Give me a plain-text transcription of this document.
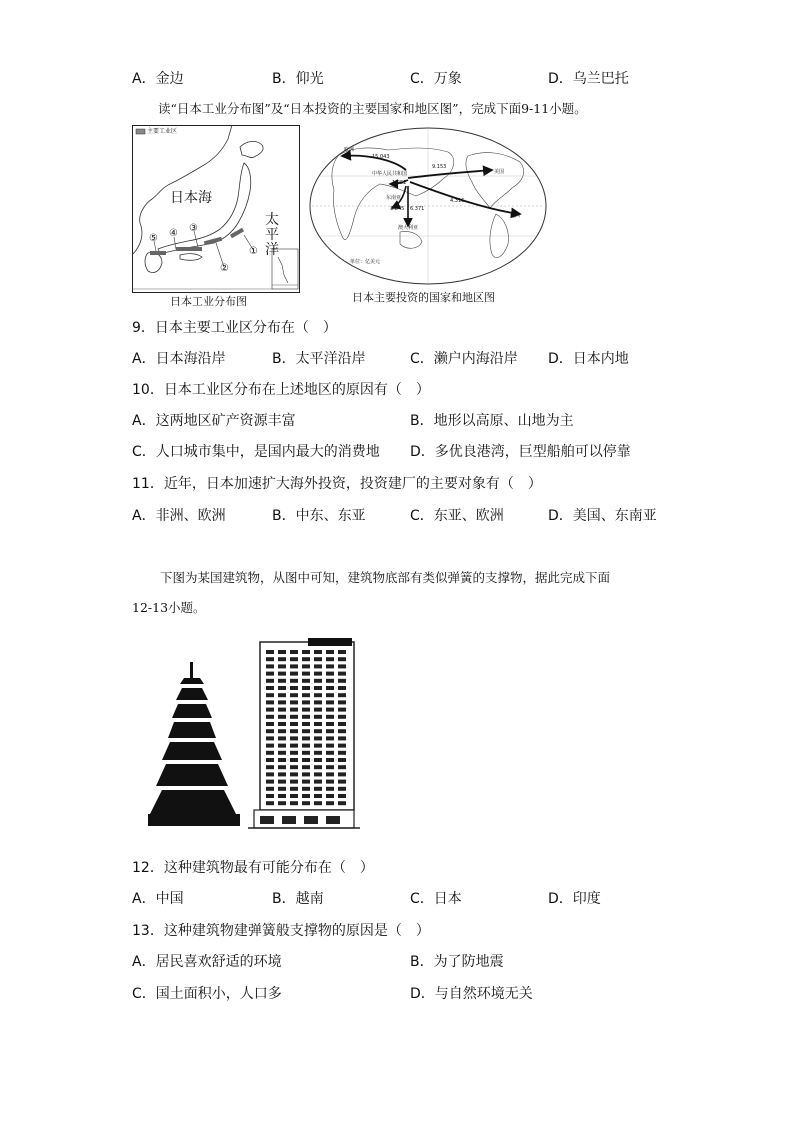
A．金边	B．仰光	C．万象	D．乌兰巴托
读“日本工业分布图”及“日本投资的主要国家和地区图”，完成下面9-11小题。
主要工业区
日本海
太平洋
①
②
③
④
⑤
日本工业分布图
欧洲
15.043
中华人民共和国
9.153
美国
1.252
东南亚
3.845 6.371
澳大利亚
4.316
巴西
单位：亿美元
日本主要投资的国家和地区图
9．日本主要工业区分布在（　）
A．日本海沿岸	B．太平洋沿岸	C．濑户内海沿岸 D．日本内地
10．日本工业区分布在上述地区的原因有（　）
A．这两地区矿产资源丰富	B．地形以高原、山地为主
C．人口城市集中，是国内最大的消费地 D．多优良港湾，巨型船舶可以停靠
11．近年，日本加速扩大海外投资，投资建厂的主要对象有（　）
A．非洲、欧洲	B．中东、东亚	C．东亚、欧洲	D．美国、东南亚
下图为某国建筑物，从图中可知，建筑物底部有类似弹簧的支撑物，据此完成下面
12-13小题。
12．这种建筑物最有可能分布在（　）
A．中国	B．越南	C．日本	D．印度
13．这种建筑物建弹簧般支撑物的原因是（　）
A．居民喜欢舒适的环境	B．为了防地震
C．国土面积小，人口多	D．与自然环境无关
